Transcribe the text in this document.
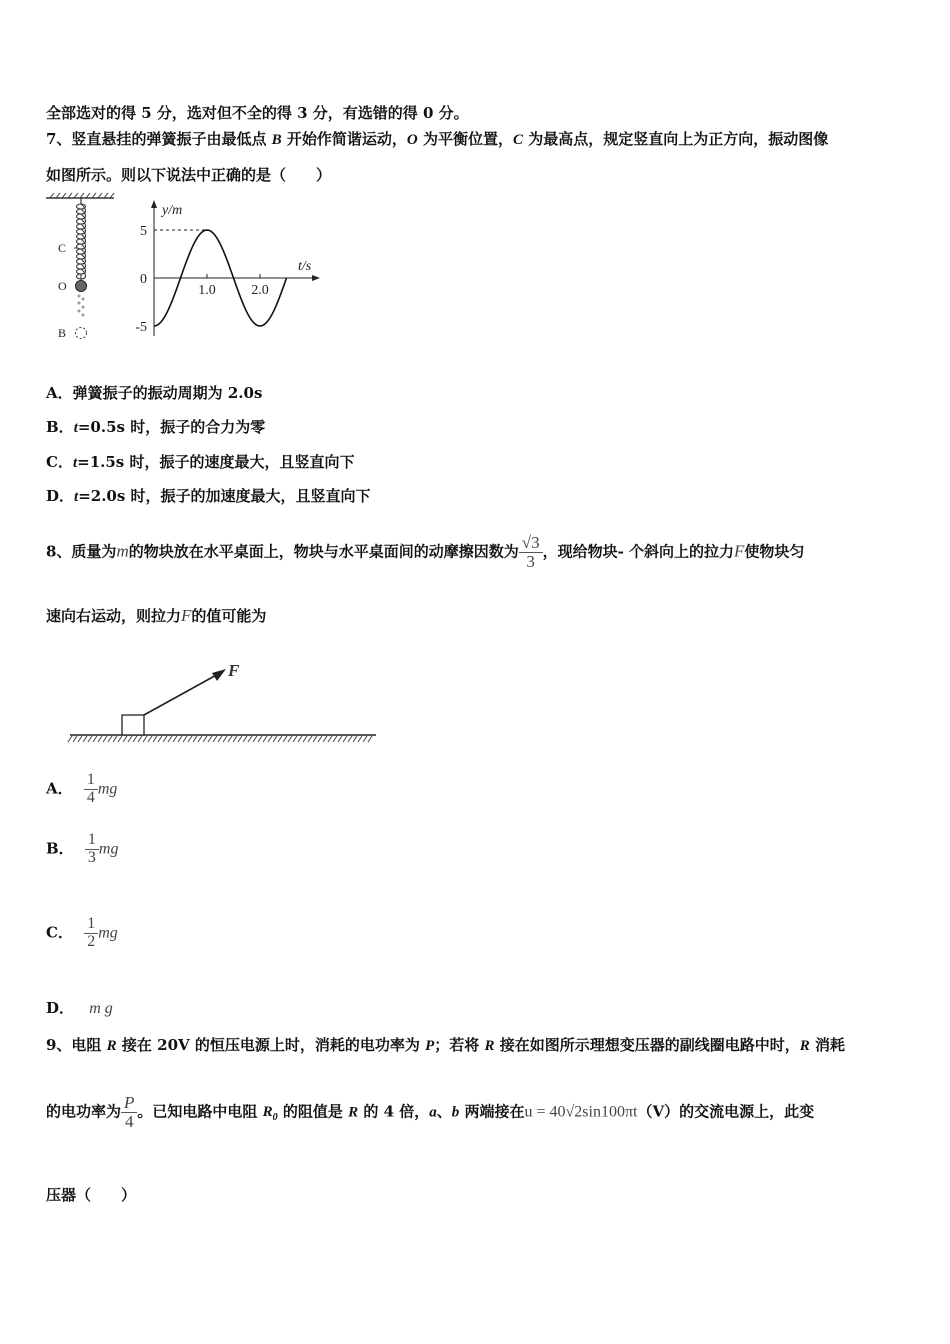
全部选对的得 5 分，选对但不全的得 3 分，有选错的得 0 分。
7、竖直悬挂的弹簧振子由最低点 B 开始作简谐运动，O 为平衡位置，C 为最高点，规定竖直向上为正方向，振动图像
如图所示。则以下说法中正确的是（　　）
C
O
B
y/m
t/s
5
0
-5
1.0	2.0
A．弹簧振子的振动周期为 2.0s
B．t=0.5s 时，振子的合力为零
C．t=1.5s 时，振子的速度最大，且竖直向下
D．t=2.0s 时，振子的加速度最大，且竖直向下
8、质量为m的物块放在水平桌面上，物块与水平桌面间的动摩擦因数为 $\frac{√3}{3}$ ，现给物块- 个斜向上的拉力F使物块匀
速向右运动，则拉力F的值可能为
F
A． $\frac{1}{4}$ mg
B． $\frac{1}{3}$ mg
C． $\frac{1}{2}$ mg
D． m g
9、电阻 R 接在 20V 的恒压电源上时，消耗的电功率为 P；若将 R 接在如图所示理想变压器的副线圈电路中时，R 消耗
的电功率为 $\frac{P}{4}$ 。已知电路中电阻 $R_0$ 的阻值是 R 的 4 倍，a、b 两端接在u = 40√2sin100πt（V）的交流电源上，此变
压器（　　）
